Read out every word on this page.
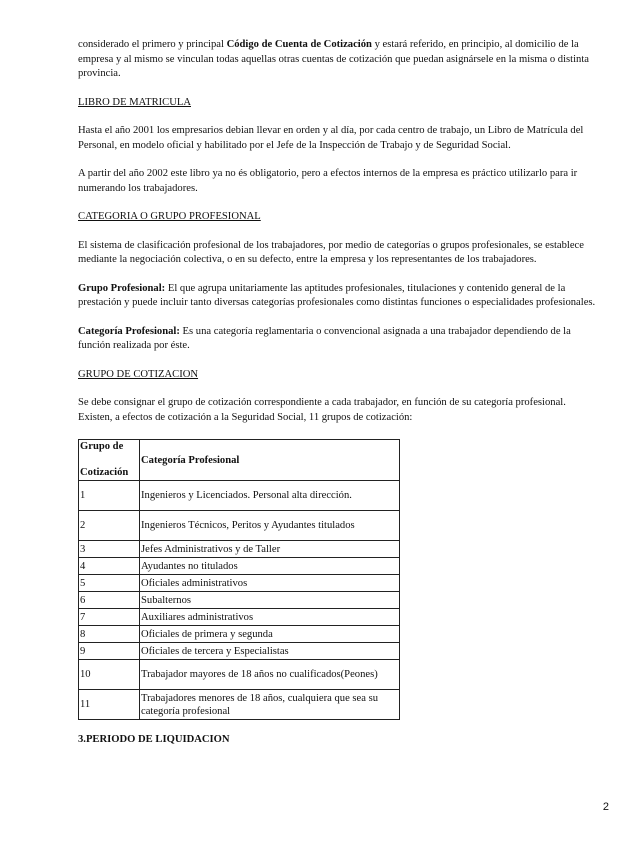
considerado el primero y principal Código de Cuenta de Cotización y estará referido, en principio, al domicilio de la empresa y al mismo se vinculan todas aquellas otras cuentas de cotización que puedan asignársele en la misma o distinta provincia.

LIBRO DE MATRICULA

Hasta el año 2001 los empresarios debian llevar en orden y al día, por cada centro de trabajo, un Libro de Matrícula del Personal, en modelo oficial y habilitado por el Jefe de la Inspección de Trabajo y de Seguridad Social.

A partir del año 2002 este libro ya no és obligatorio, pero a efectos internos de la empresa es práctico utilizarlo para ir numerando los trabajadores.

CATEGORIA O GRUPO PROFESIONAL

El sistema de clasificación profesional de los trabajadores, por medio de categorías o grupos profesionales, se establece mediante la negociación colectiva, o en su defecto, entre la empresa y los representantes de los trabajadores.

Grupo Profesional: El que agrupa unitariamente las aptitudes profesionales, titulaciones y contenido general de la prestación y puede incluir tanto diversas categorías profesionales como distintas funciones o especialidades profesionales.

Categoría Profesional: Es una categoría reglamentaria o convencional asignada a una trabajador dependiendo de la función realizada por éste.

GRUPO DE COTIZACION

Se debe consignar el grupo de cotización correspondiente a cada trabajador, en función de su categoría profesional. Existen, a efectos de cotización a la Seguridad Social, 11 grupos de cotización:

Grupo de

Cotización	Categoría Profesional
1	Ingenieros y Licenciados. Personal alta dirección.
2	Ingenieros Técnicos, Peritos y Ayudantes titulados
3	Jefes Administrativos y de Taller
4	Ayudantes no titulados
5	Oficiales administrativos
6	Subalternos
7	Auxiliares administrativos
8	Oficiales de primera y segunda
9	Oficiales de tercera y Especialistas
10	Trabajador mayores de 18 años no cualificados(Peones)
11	Trabajadores menores de 18 años, cualquiera que sea su categoría profesional

3.PERIODO DE LIQUIDACION

2
